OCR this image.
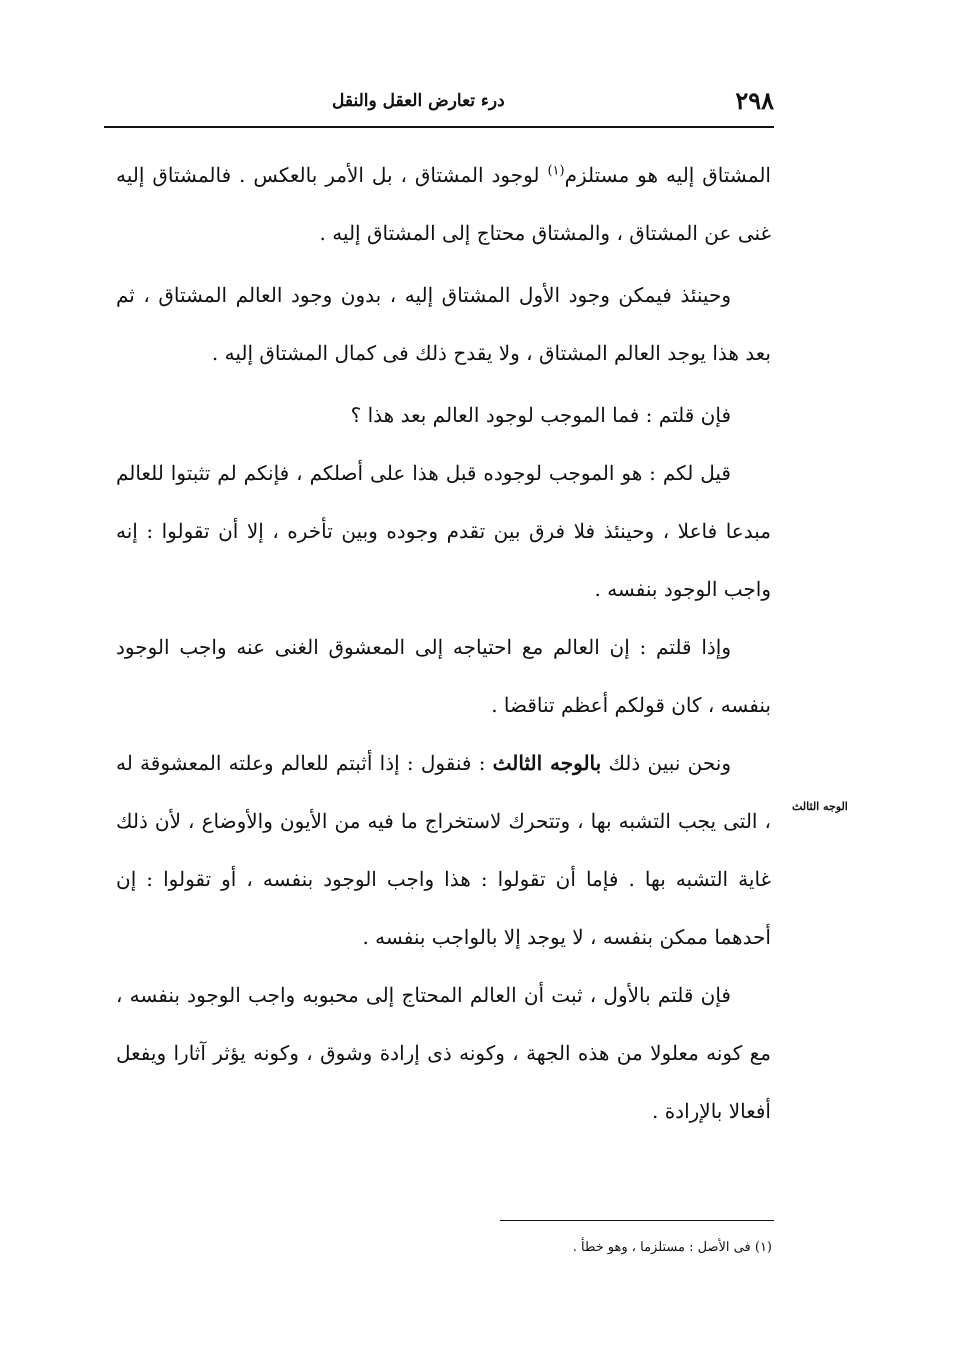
درء تعارض العقل والنقل	٢٩٨

المشتاق إليه هو مستلزم$^{(١)}$ لوجود المشتاق ، بل الأمر بالعكس . فالمشتاق إليه غنى عن المشتاق ، والمشتاق محتاج إلى المشتاق إليه .

وحينئذ فيمكن وجود الأول المشتاق إليه ، بدون وجود العالم المشتاق ، ثم بعد هذا يوجد العالم المشتاق ، ولا يقدح ذلك فى كمال المشتاق إليه .

فإن قلتم : فما الموجب لوجود العالم بعد هذا ؟

قيل لكم : هو الموجب لوجوده قبل هذا على أصلكم ، فإنكم لم تثبتوا للعالم مبدعا فاعلا ، وحينئذ فلا فرق بين تقدم وجوده وبين تأخره ، إلا أن تقولوا : إنه واجب الوجود بنفسه .

وإذا قلتم : إن العالم مع احتياجه إلى المعشوق الغنى عنه واجب الوجود بنفسه ، كان قولكم أعظم تناقضا .

ونحن نبين ذلك بالوجه الثالث : فنقول : إذا أثبتم للعالم وعلته المعشوقة له ، التى يجب التشبه بها ، وتتحرك لاستخراج ما فيه من الأيون والأوضاع ، لأن ذلك غاية التشبه بها . فإما أن تقولوا : هذا واجب الوجود بنفسه ، أو تقولوا : إن أحدهما ممكن بنفسه ، لا يوجد إلا بالواجب بنفسه .

فإن قلتم بالأول ، ثبت أن العالم المحتاج إلى محبوبه واجب الوجود بنفسه ، مع كونه معلولا من هذه الجهة ، وكونه ذى إرادة وشوق ، وكونه يؤثر آثارا ويفعل أفعالا بالإرادة .

الوجه الثالث
(١) فى الأصل : مستلزما ، وهو خطأ .
